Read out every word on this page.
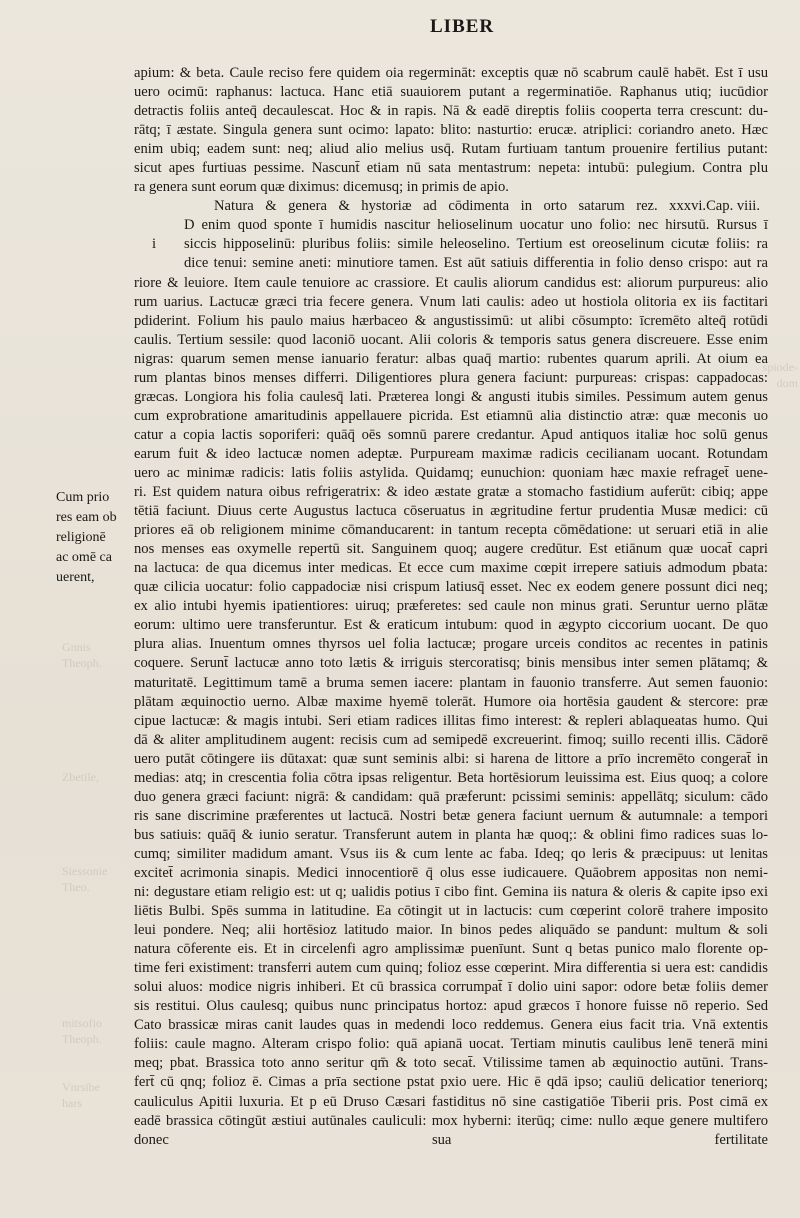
LIBER
i
Cum prio
res eam ob
religionē
ac omē ca
uerent,
spiode-
dom
Gnnis
Theoph.
Zbetile,
Siessonie
Theo.
mitsofio
Theoph.
Vnrsibe
hars

apium: & beta. Caule reciso fere quidem oia regermināt: exceptis quæ nō scabrum caulē habēt. Est ī usu

uero ocimū: raphanus: lactuca. Hanc etiā suauiorem putant a regerminatiōe. Raphanus utiq; iucūdior

detractis foliis anteq̄ decaulescat. Hoc & in rapis. Nā & eadē direptis foliis cooperta terra crescunt: du-

rātq; ī æstate. Singula genera sunt ocimo: lapato: blito: nasturtio: erucæ. atriplici: coriandro aneto. Hæc

enim ubiq; eadem sunt: neq; aliud alio melius usq̄. Rutam furtiuam tantum prouenire fertilius putant:

sicut apes furtiuas pessime. Nascunt̄ etiam nū sata mentastrum: nepeta: intubū: pulegium. Contra plu

ra genera sunt eorum quæ diximus: dicemusq; in primis de apio.

Cap. viii.
Natura & genera & hystoriæ ad cōdimenta in orto satarum rez. xxxvi.

D enim quod sponte ī humidis nascitur helioselinum uocatur uno folio: nec hirsutū. Rursus ī

siccis hipposelinū: pluribus foliis: simile heleoselino. Tertium est oreoselinum cicutæ foliis: ra

dice tenui: semine aneti: minutiore tamen. Est aūt satiuis differentia in folio denso crispo: aut ra

riore & leuiore. Item caule tenuiore ac crassiore. Et caulis aliorum candidus est: aliorum purpureus: alio

rum uarius. Lactucæ græci tria fecere genera. Vnum lati caulis: adeo ut hostiola olitoria ex iis factitari

pdiderint. Folium his paulo maius hærbaceo & angustissimū: ut alibi cōsumpto: īcremēto alteq̄ rotūdi

caulis. Tertium sessile: quod laconiō uocant. Alii coloris & temporis satus genera discreuere. Esse enim

nigras: quarum semen mense ianuario feratur: albas quaq̄ martio: rubentes quarum aprili. At oium ea

rum plantas binos menses differri. Diligentiores plura genera faciunt: purpureas: crispas: cappadocas:

græcas. Longiora his folia caulesq̄ lati. Præterea longi & angusti itubis similes. Pessimum autem genus

cum exprobratione amaritudinis appellauere picrida. Est etiamnū alia distinctio atræ: quæ meconis uo

catur a copia lactis soporiferi: quāq̄ oēs somnū parere credantur. Apud antiquos italiæ hoc solū genus

earum fuit & ideo lactucæ nomen adeptæ. Purpuream maximæ radicis cecilianam uocant. Rotundam

uero ac minimæ radicis: latis foliis astylida. Quidamq; eunuchion: quoniam hæc maxie refraget̄ uene-

ri. Est quidem natura oibus refrigeratrix: & ideo æstate gratæ a stomacho fastidium auferūt: cibiq; appe

tētiā faciunt. Diuus certe Augustus lactuca cōseruatus in ægritudine fertur prudentia Musæ medici: cū

priores eā ob religionem minime cōmanducarent: in tantum recepta cōmēdatione: ut seruari etiā in alie

nos menses eas oxymelle repertū sit. Sanguinem quoq; augere credūtur. Est etiānum quæ uocat̄ capri

na lactuca: de qua dicemus inter medicas. Et ecce cum maxime cœpit irrepere satiuis admodum pbata:

quæ cilicia uocatur: folio cappadociæ nisi crispum latiusq̄ esset. Nec ex eodem genere possunt dici neq;

ex alio intubi hyemis ipatientiores: uiruq; præferetes: sed caule non minus grati. Seruntur uerno plātæ

eorum: ultimo uere transferuntur. Est & eraticum intubum: quod in ægypto ciccorium uocant. De quo

plura alias. Inuentum omnes thyrsos uel folia lactucæ; progare urceis conditos ac recentes in patinis

coquere. Serunt̄ lactucæ anno toto lætis & irriguis stercoratisq; binis mensibus inter semen plātamq; &

maturitatē. Legittimum tamē a bruma semen iacere: plantam in fauonio transferre. Aut semen fauonio:

plātam æquinoctio uerno. Albæ maxime hyemē tolerāt. Humore oia hortēsia gaudent & stercore: præ

cipue lactucæ: & magis intubi. Seri etiam radices illitas fimo interest: & repleri ablaqueatas humo. Qui

dā & aliter amplitudinem augent: recisis cum ad semipedē excreuerint. fimoq; suillo recenti illis. Cādorē

uero putāt cōtingere iis dūtaxat: quæ sunt seminis albi: si harena de littore a prīo incremēto congerat̄ in

medias: atq; in crescentia folia cōtra ipsas religentur. Beta hortēsiorum leuissima est. Eius quoq; a colore

duo genera græci faciunt: nigrā: & candidam: quā præferunt: pcissimi seminis: appellātq; siculum: cādo

ris sane discrimine præferentes ut lactucā. Nostri betæ genera faciunt uernum & autumnale: a tempori

bus satiuis: quāq̄ & iunio seratur. Transferunt autem in planta hæ quoq;: & oblini fimo radices suas lo-

cumq; similiter madidum amant. Vsus iis & cum lente ac faba. Ideq; qo leris & præcipuus: ut lenitas

excitet̄ acrimonia sinapis. Medici innocentiorē q̄ olus esse iudicauere. Quāobrem appositas non nemi-

ni: degustare etiam religio est: ut q; ualidis potius ī cibo fint. Gemina iis natura & oleris & capite ipso exi

liētis Bulbi. Spēs summa in latitudine. Ea cōtingit ut in lactucis: cum cœperint colorē trahere imposito

leui pondere. Neq; alii hortēsioz latitudo maior. In binos pedes aliquādo se pandunt: multum & soli

natura cōferente eis. Et in circelenfi agro amplissimæ puenīunt. Sunt q betas punico malo florente op-

time feri existiment: transferri autem cum quinq; folioz esse cœperint. Mira differentia si uera est: candidis

solui aluos: modice nigris inhiberi. Et cū brassica corrumpat̄ ī dolio uini sapor: odore betæ foliis demer

sis restitui. Olus caulesq; quibus nunc principatus hortoz: apud græcos ī honore fuisse nō reperio. Sed

Cato brassicæ miras canit laudes quas in medendi loco reddemus. Genera eius facit tria. Vnā extentis

foliis: caule magno. Alteram crispo folio: quā apianā uocat. Tertiam minutis caulibus lenē tenerā mini

meq; pbat. Brassica toto anno seritur qm̄ & toto secat̄. Vtilissime tamen ab æquinoctio autūni. Trans-

fert̄ cū qnq; folioz ē. Cimas a prīa sectione pstat pxio uere. Hic ē qdā ipso; cauliū delicatior teneriorq;

cauliculus Apitii luxuria. Et p eū Druso Cæsari fastiditus nō sine castigatiōe Tiberii pris. Post cimā ex

eadē brassica cōtingūt æstiui autūnales cauliculi: mox hyberni: iterūq; cime: nullo æque genere multifero

donec sua fertilitate
